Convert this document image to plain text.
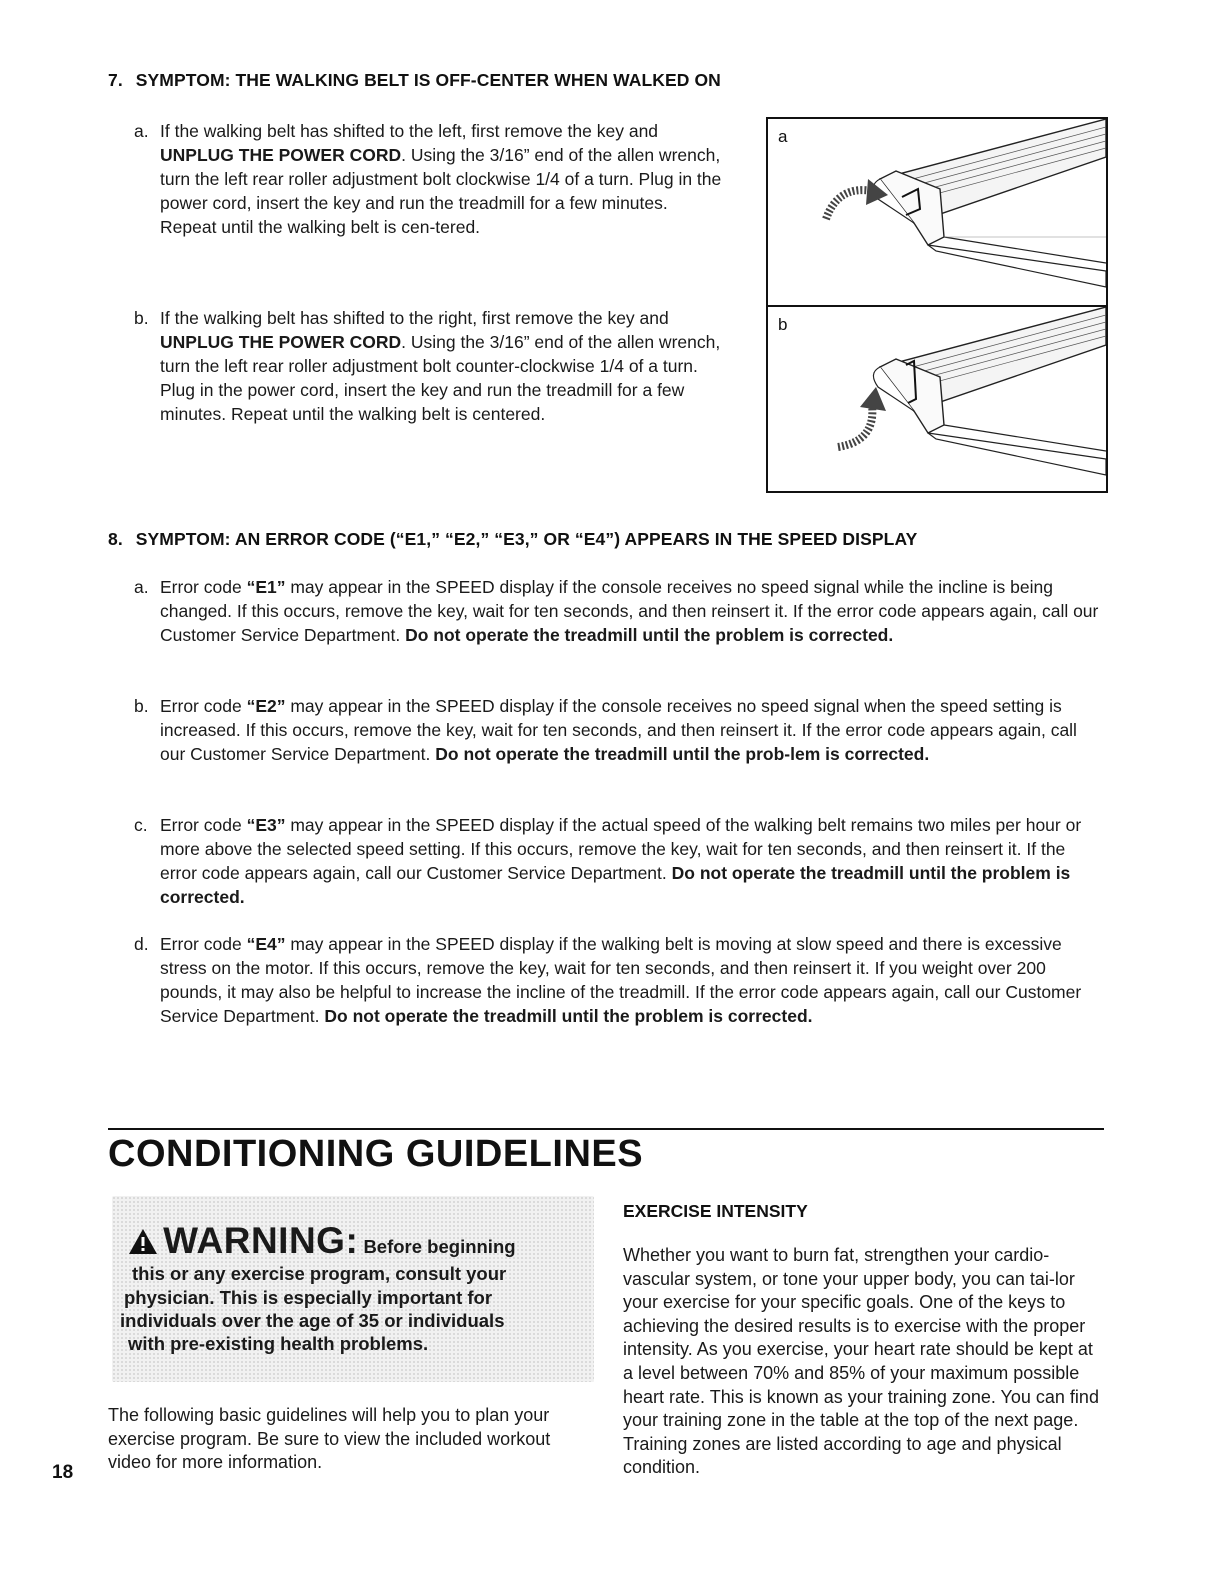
7. SYMPTOM: THE WALKING BELT IS OFF-CENTER WHEN WALKED ON
a. If the walking belt has shifted to the left, first remove the key and UNPLUG THE POWER CORD. Using the 3/16” end of the allen wrench, turn the left rear roller adjustment bolt clockwise 1/4 of a turn. Plug in the power cord, insert the key and run the treadmill for a few minutes. Repeat until the walking belt is cen-tered.
b. If the walking belt has shifted to the right, first remove the key and UNPLUG THE POWER CORD. Using the 3/16” end of the allen wrench, turn the left rear roller adjustment bolt counter-clockwise 1/4 of a turn. Plug in the power cord, insert the key and run the treadmill for a few minutes. Repeat until the walking belt is centered.
a
b
8. SYMPTOM: AN ERROR CODE (“E1,” “E2,” “E3,” OR “E4”) APPEARS IN THE SPEED DISPLAY
a. Error code “E1” may appear in the SPEED display if the console receives no speed signal while the incline is being changed. If this occurs, remove the key, wait for ten seconds, and then reinsert it. If the error code appears again, call our Customer Service Department. Do not operate the treadmill until the problem is corrected.
b. Error code “E2” may appear in the SPEED display if the console receives no speed signal when the speed setting is increased. If this occurs, remove the key, wait for ten seconds, and then reinsert it. If the error code appears again, call our Customer Service Department. Do not operate the treadmill until the prob-lem is corrected.
c. Error code “E3” may appear in the SPEED display if the actual speed of the walking belt remains two miles per hour or more above the selected speed setting. If this occurs, remove the key, wait for ten seconds, and then reinsert it. If the error code appears again, call our Customer Service Department. Do not operate the treadmill until the problem is corrected.
d. Error code “E4” may appear in the SPEED display if the walking belt is moving at slow speed and there is excessive stress on the motor. If this occurs, remove the key, wait for ten seconds, and then reinsert it. If you weight over 200 pounds, it may also be helpful to increase the incline of the treadmill. If the error code appears again, call our Customer Service Department. Do not operate the treadmill until the problem is corrected.
CONDITIONING GUIDELINES
WARNING: Before beginning
this or any exercise program, consult your
physician. This is especially important for
individuals over the age of 35 or individuals
with pre-existing health problems.
The following basic guidelines will help you to plan your exercise program. Be sure to view the included workout video for more information.
EXERCISE INTENSITY
Whether you want to burn fat, strengthen your cardio-vascular system, or tone your upper body, you can tai-lor your exercise for your specific goals. One of the keys to achieving the desired results is to exercise with the proper intensity. As you exercise, your heart rate should be kept at a level between 70% and 85% of your maximum possible heart rate. This is known as your training zone. You can find your training zone in the table at the top of the next page. Training zones are listed according to age and physical condition.
18
